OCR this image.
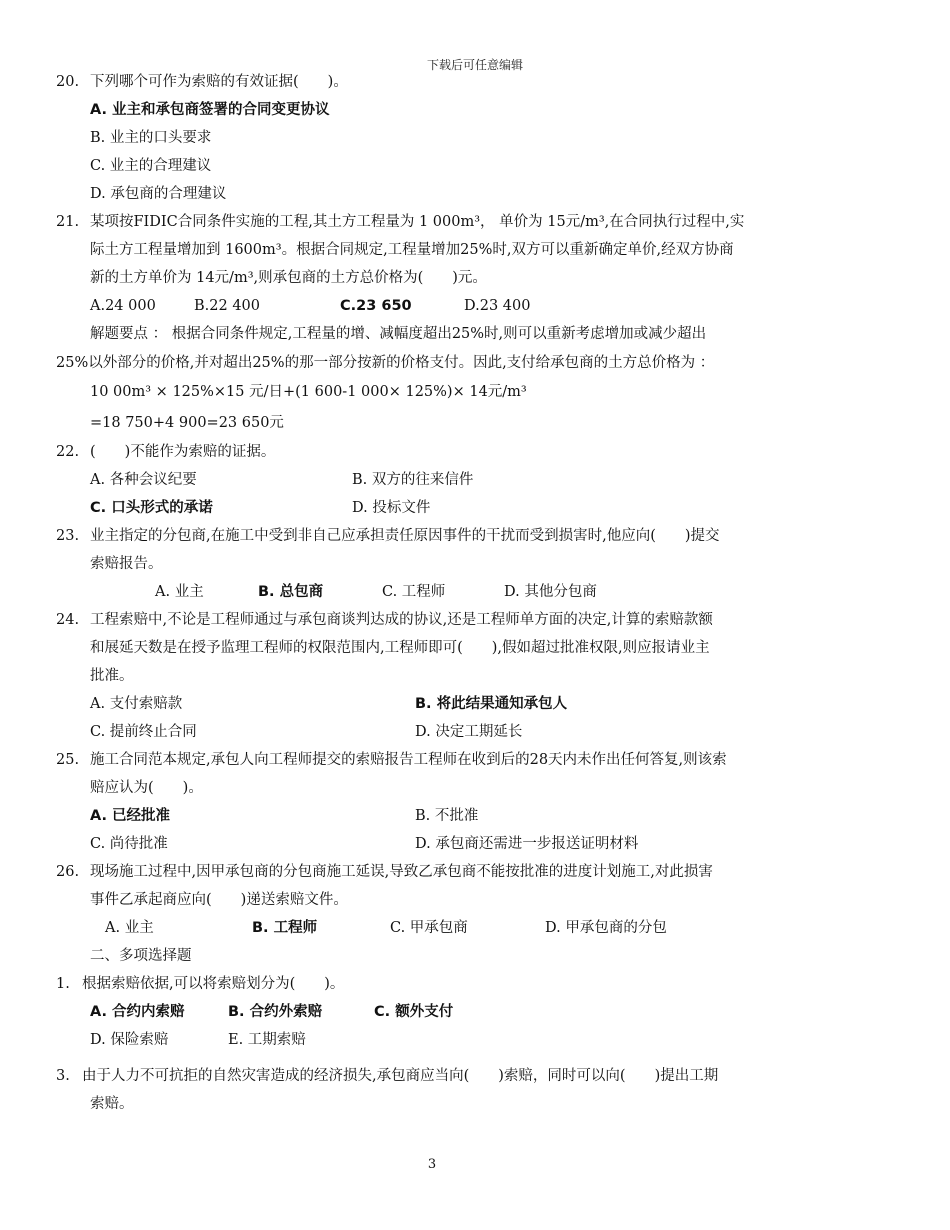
下载后可任意编辑
20. 下列哪个可作为索赔的有效证据(　　)。
A. 业主和承包商签署的合同变更协议
B. 业主的口头要求
C. 业主的合理建议
D. 承包商的合理建议
21. 某项按FIDIC合同条件实施的工程,其土方工程量为 1 000m³， 单价为 15元/m³,在合同执行过程中,实
际土方工程量增加到 1600m³。根据合同规定,工程量增加25%时,双方可以重新确定单价,经双方协商
新的土方单价为 14元/m³,则承包商的土方总价格为(　　)元。
A.24 000	B.22 400	C.23 650	D.23 400
解题要点 ： 根据合同条件规定,工程量的增、减幅度超出25%时,则可以重新考虑增加或减少超出
25%以外部分的价格,并对超出25%的那一部分按新的价格支付。因此,支付给承包商的土方总价格为 ：
10 00m³ × 125%×15 元/日+(1 600-1 000× 125%)× 14元/m³
=18 750+4 900=23 650元
22. (　　)不能作为索赔的证据。
A. 各种会议纪要	B. 双方的往来信件
C. 口头形式的承诺	D. 投标文件
23. 业主指定的分包商,在施工中受到非自己应承担责任原因事件的干扰而受到损害时,他应向(　　)提交
索赔报告。
A. 业主	B. 总包商	C. 工程师	D. 其他分包商
24. 工程索赔中,不论是工程师通过与承包商谈判达成的协议,还是工程师单方面的决定,计算的索赔款额
和展延天数是在授予监理工程师的权限范围内,工程师即可(　　),假如超过批准权限,则应报请业主
批准。
A. 支付索赔款	B. 将此结果通知承包人
C. 提前终止合同	D. 决定工期延长
25. 施工合同范本规定,承包人向工程师提交的索赔报告工程师在收到后的28天内未作出任何答复,则该索
赔应认为(　　)。
A. 已经批准	B. 不批准
C. 尚待批准	D. 承包商还需进一步报送证明材料
26. 现场施工过程中,因甲承包商的分包商施工延误,导致乙承包商不能按批准的进度计划施工,对此损害
事件乙承起商应向(　　)递送索赔文件。
A. 业主	B. 工程师	C. 甲承包商	D. 甲承包商的分包
二、多项选择题
1. 根据索赔依据,可以将索赔划分为(　　)。
A. 合约内索赔	B. 合约外索赔	C. 额外支付
D. 保险索赔	E. 工期索赔
3. 由于人力不可抗拒的自然灾害造成的经济损失,承包商应当向(　　)索赔，同时可以向(　　)提出工期
索赔。
3
